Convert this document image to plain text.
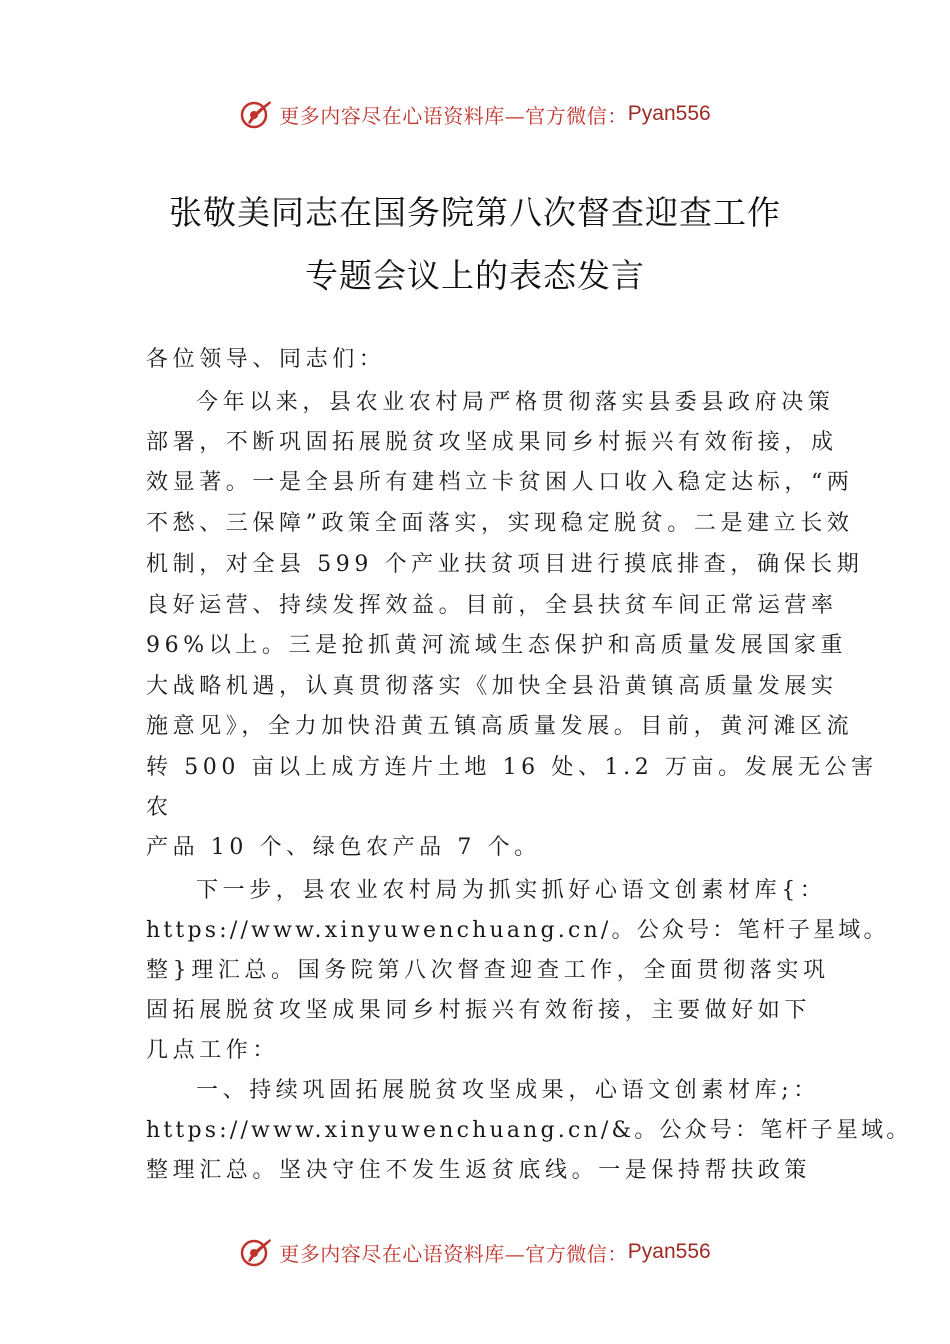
更多内容尽在心语资料库—官方微信： Pyan556
张敬美同志在国务院第八次督查迎查工作
专题会议上的表态发言
各位领导、同志们：
今年以来，县农业农村局严格贯彻落实县委县政府决策
部署，不断巩固拓展脱贫攻坚成果同乡村振兴有效衔接，成
效显著。一是全县所有建档立卡贫困人口收入稳定达标，“两
不愁、三保障”政策全面落实，实现稳定脱贫。二是建立长效
机制，对全县 599 个产业扶贫项目进行摸底排查，确保长期
良好运营、持续发挥效益。目前，全县扶贫车间正常运营率
96%以上。三是抢抓黄河流域生态保护和高质量发展国家重
大战略机遇，认真贯彻落实《加快全县沿黄镇高质量发展实
施意见》，全力加快沿黄五镇高质量发展。目前，黄河滩区流
转 500 亩以上成方连片土地 16 处、1.2 万亩。发展无公害
农
产品 10 个、绿色农产品 7 个。
下一步，县农业农村局为抓实抓好心语文创素材库{：
https://www.xinyuwenchuang.cn/。公众号：笔杆子星域。
整}理汇总。国务院第八次督查迎查工作，全面贯彻落实巩
固拓展脱贫攻坚成果同乡村振兴有效衔接，主要做好如下
几点工作：
一、持续巩固拓展脱贫攻坚成果，心语文创素材库;：
https://www.xinyuwenchuang.cn/&。公众号：笔杆子星域。
整理汇总。坚决守住不发生返贫底线。一是保持帮扶政策
更多内容尽在心语资料库—官方微信： Pyan556
